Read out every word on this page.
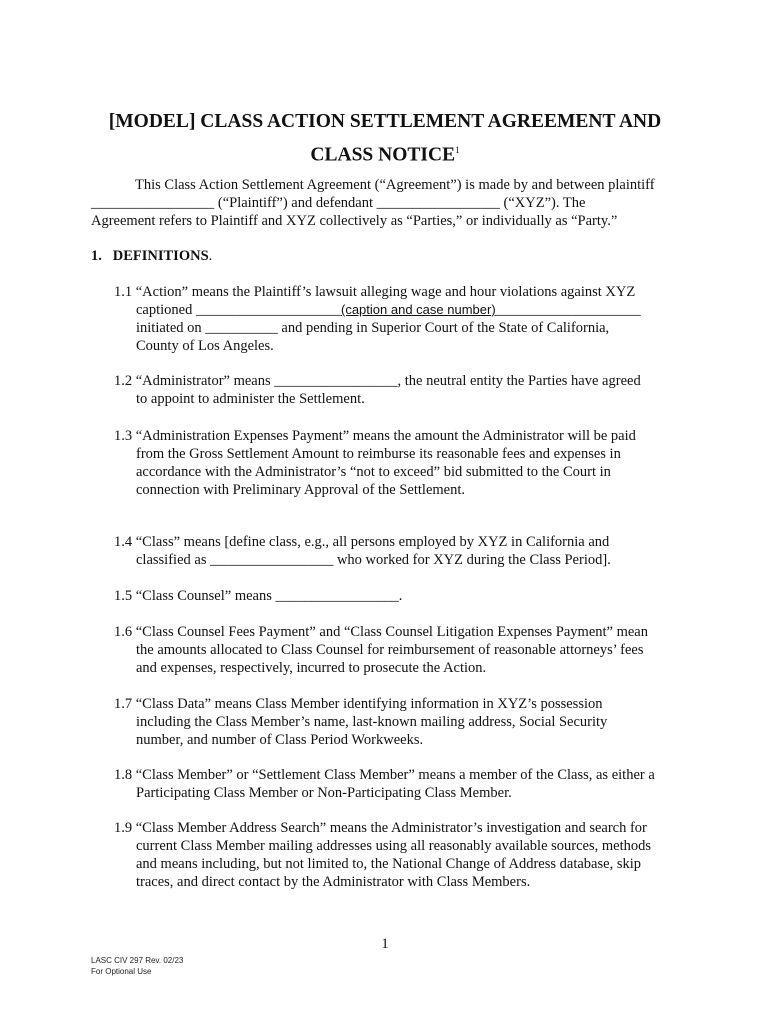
[MODEL] CLASS ACTION SETTLEMENT AGREEMENT AND
CLASS NOTICE$^1$
This Class Action Settlement Agreement (“Agreement”) is made by and between plaintiff
_________________ (“Plaintiff”) and defendant _________________ (“XYZ”). The
Agreement refers to Plaintiff and XYZ collectively as “Parties,” or individually as “Party.”
1. DEFINITIONS.
1.1 “Action” means the Plaintiff’s lawsuit alleging wage and hour violations against XYZ
captioned ____________________(caption and case number)____________________
initiated on __________ and pending in Superior Court of the State of California,
County of Los Angeles.
1.2 “Administrator” means _________________, the neutral entity the Parties have agreed
to appoint to administer the Settlement.
1.3 “Administration Expenses Payment” means the amount the Administrator will be paid
from the Gross Settlement Amount to reimburse its reasonable fees and expenses in
accordance with the Administrator’s “not to exceed” bid submitted to the Court in
connection with Preliminary Approval of the Settlement.
1.4 “Class” means [define class, e.g., all persons employed by XYZ in California and
classified as _________________ who worked for XYZ during the Class Period].
1.5 “Class Counsel” means _________________.
1.6 “Class Counsel Fees Payment” and “Class Counsel Litigation Expenses Payment” mean
the amounts allocated to Class Counsel for reimbursement of reasonable attorneys’ fees
and expenses, respectively, incurred to prosecute the Action.
1.7 “Class Data” means Class Member identifying information in XYZ’s possession
including the Class Member’s name, last-known mailing address, Social Security
number, and number of Class Period Workweeks.
1.8 “Class Member” or “Settlement Class Member” means a member of the Class, as either a
Participating Class Member or Non-Participating Class Member.
1.9 “Class Member Address Search” means the Administrator’s investigation and search for
current Class Member mailing addresses using all reasonably available sources, methods
and means including, but not limited to, the National Change of Address database, skip
traces, and direct contact by the Administrator with Class Members.
1
LASC CIV 297 Rev. 02/23
For Optional Use
